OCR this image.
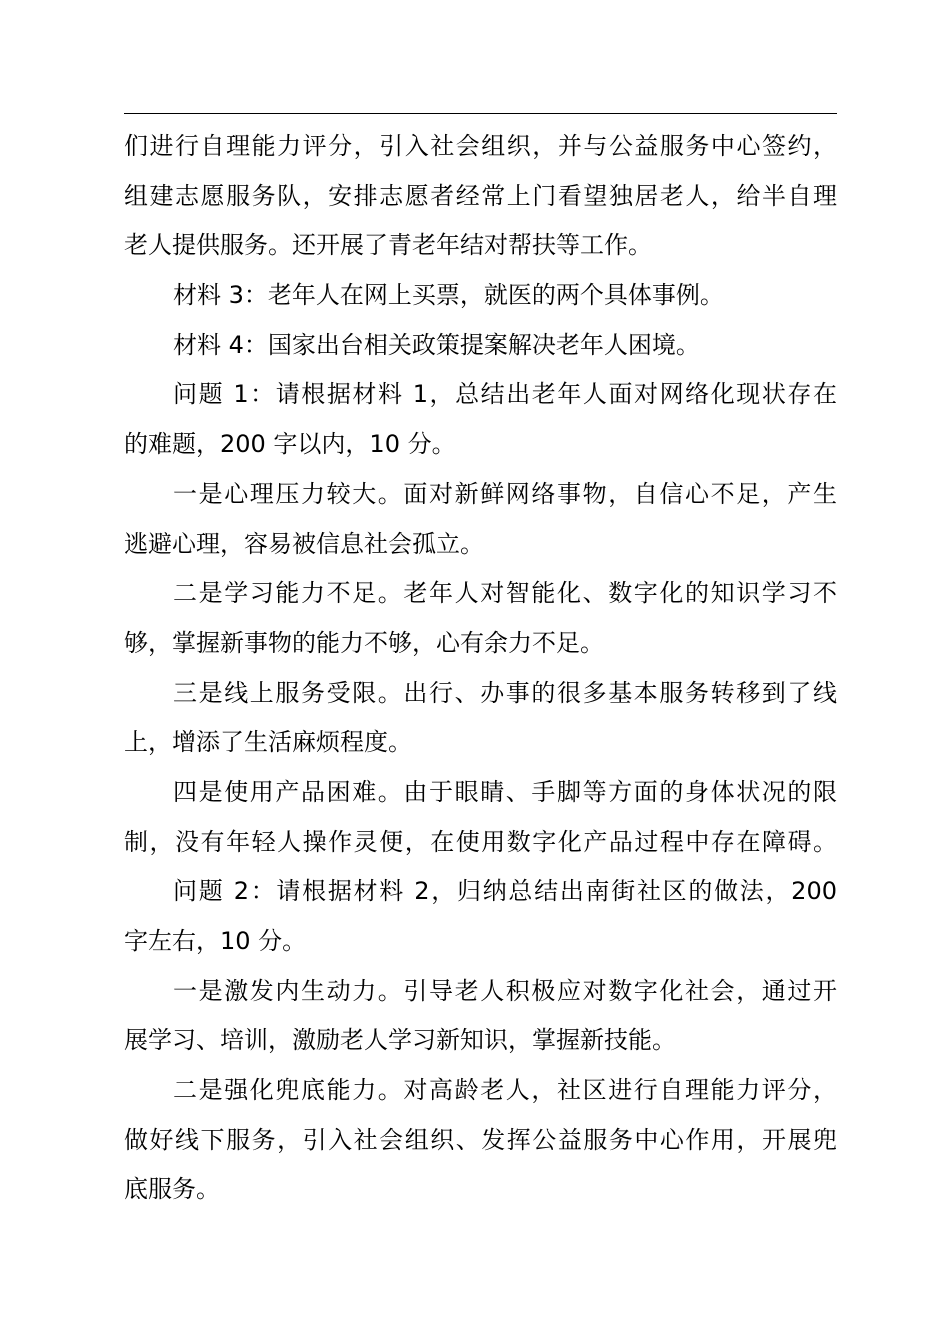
们进行自理能力评分，引入社会组织，并与公益服务中心签约，
组建志愿服务队，安排志愿者经常上门看望独居老人，给半自理
老人提供服务。还开展了青老年结对帮扶等工作。
材料 3：老年人在网上买票，就医的两个具体事例。
材料 4：国家出台相关政策提案解决老年人困境。
问题 1：请根据材料 1，总结出老年人面对网络化现状存在
的难题，200 字以内，10 分。
一是心理压力较大。面对新鲜网络事物，自信心不足，产生
逃避心理，容易被信息社会孤立。
二是学习能力不足。老年人对智能化、数字化的知识学习不
够，掌握新事物的能力不够，心有余力不足。
三是线上服务受限。出行、办事的很多基本服务转移到了线
上，增添了生活麻烦程度。
四是使用产品困难。由于眼睛、手脚等方面的身体状况的限
制，没有年轻人操作灵便，在使用数字化产品过程中存在障碍。
问题 2：请根据材料 2，归纳总结出南街社区的做法，200
字左右，10 分。
一是激发内生动力。引导老人积极应对数字化社会，通过开
展学习、培训，激励老人学习新知识，掌握新技能。
二是强化兜底能力。对高龄老人，社区进行自理能力评分，
做好线下服务，引入社会组织、发挥公益服务中心作用，开展兜
底服务。
